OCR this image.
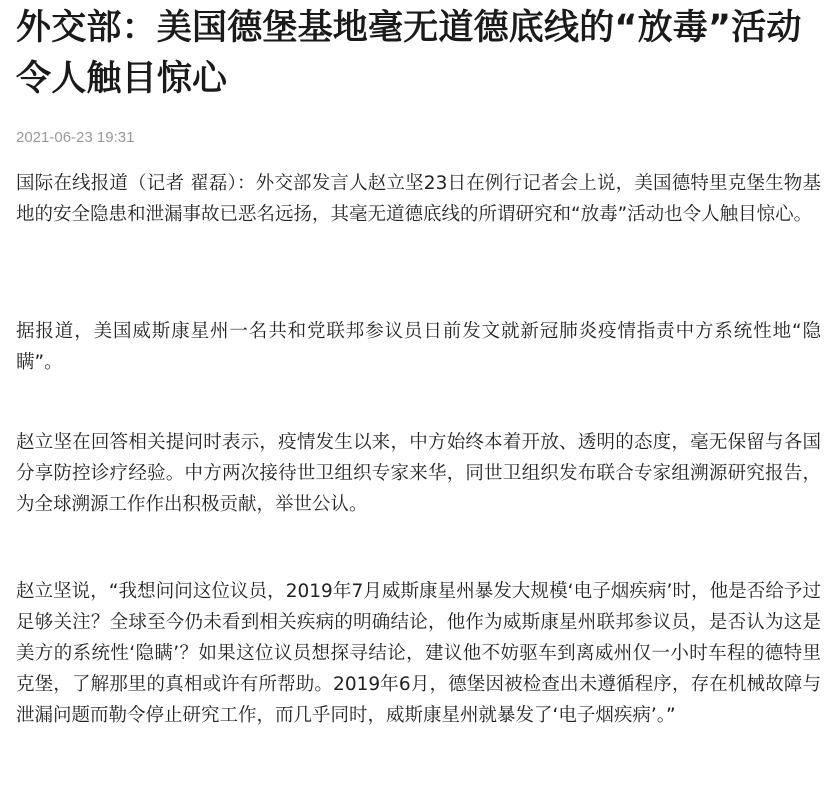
外交部：美国德堡基地毫无道德底线的“放毒”活动令人触目惊心
2021-06-23 19:31

国际在线报道（记者 翟磊）：外交部发言人赵立坚23日在例行记者会上说，美国德特里克堡生物基地的安全隐患和泄漏事故已恶名远扬，其毫无道德底线的所谓研究和“放毒”活动也令人触目惊心。

据报道，美国威斯康星州一名共和党联邦参议员日前发文就新冠肺炎疫情指责中方系统性地“隐瞒”。

赵立坚在回答相关提问时表示，疫情发生以来，中方始终本着开放、透明的态度，毫无保留与各国分享防控诊疗经验。中方两次接待世卫组织专家来华，同世卫组织发布联合专家组溯源研究报告，为全球溯源工作作出积极贡献，举世公认。

赵立坚说，“我想问问这位议员，2019年7月威斯康星州暴发大规模‘电子烟疾病’时，他是否给予过足够关注？全球至今仍未看到相关疾病的明确结论，他作为威斯康星州联邦参议员，是否认为这是美方的系统性‘隐瞒’？如果这位议员想探寻结论，建议他不妨驱车到离威州仅一小时车程的德特里克堡，了解那里的真相或许有所帮助。2019年6月，德堡因被检查出未遵循程序，存在机械故障与泄漏问题而勒令停止研究工作，而几乎同时，威斯康星州就暴发了‘电子烟疾病’。”
